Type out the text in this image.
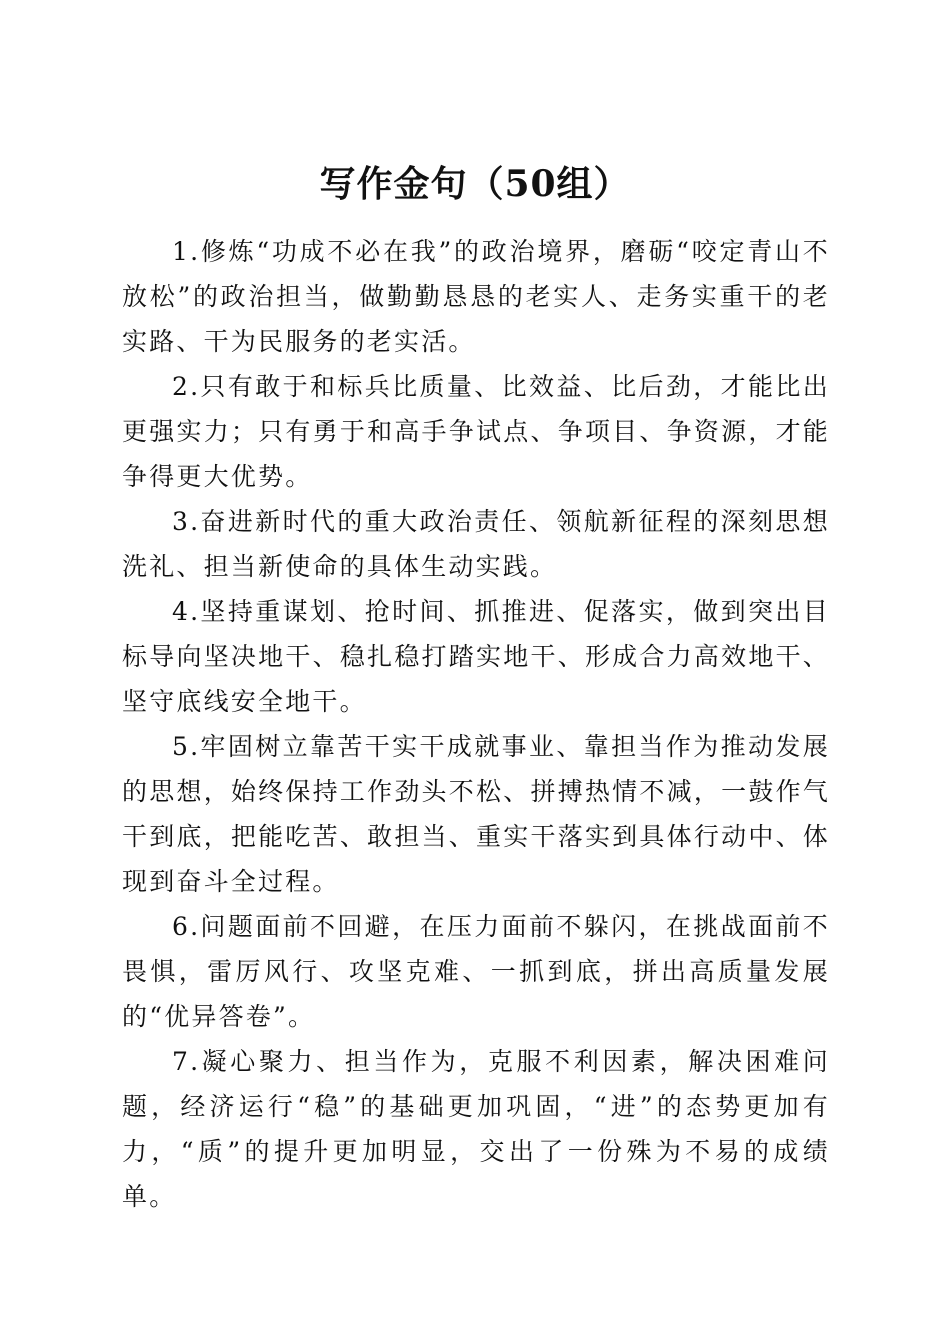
写作金句（50组）

1.修炼“功成不必在我”的政治境界，磨砺“咬定青山不放松”的政治担当，做勤勤恳恳的老实人、走务实重干的老实路、干为民服务的老实活。

2.只有敢于和标兵比质量、比效益、比后劲，才能比出更强实力；只有勇于和高手争试点、争项目、争资源，才能争得更大优势。

3.奋进新时代的重大政治责任、领航新征程的深刻思想洗礼、担当新使命的具体生动实践。

4.坚持重谋划、抢时间、抓推进、促落实，做到突出目标导向坚决地干、稳扎稳打踏实地干、形成合力高效地干、坚守底线安全地干。

5.牢固树立靠苦干实干成就事业、靠担当作为推动发展的思想，始终保持工作劲头不松、拼搏热情不减，一鼓作气干到底，把能吃苦、敢担当、重实干落实到具体行动中、体现到奋斗全过程。

6.问题面前不回避，在压力面前不躲闪，在挑战面前不畏惧，雷厉风行、攻坚克难、一抓到底，拼出高质量发展的“优异答卷”。

7.凝心聚力、担当作为，克服不利因素，解决困难问题，经济运行“稳”的基础更加巩固，“进”的态势更加有力，“质”的提升更加明显，交出了一份殊为不易的成绩单。
